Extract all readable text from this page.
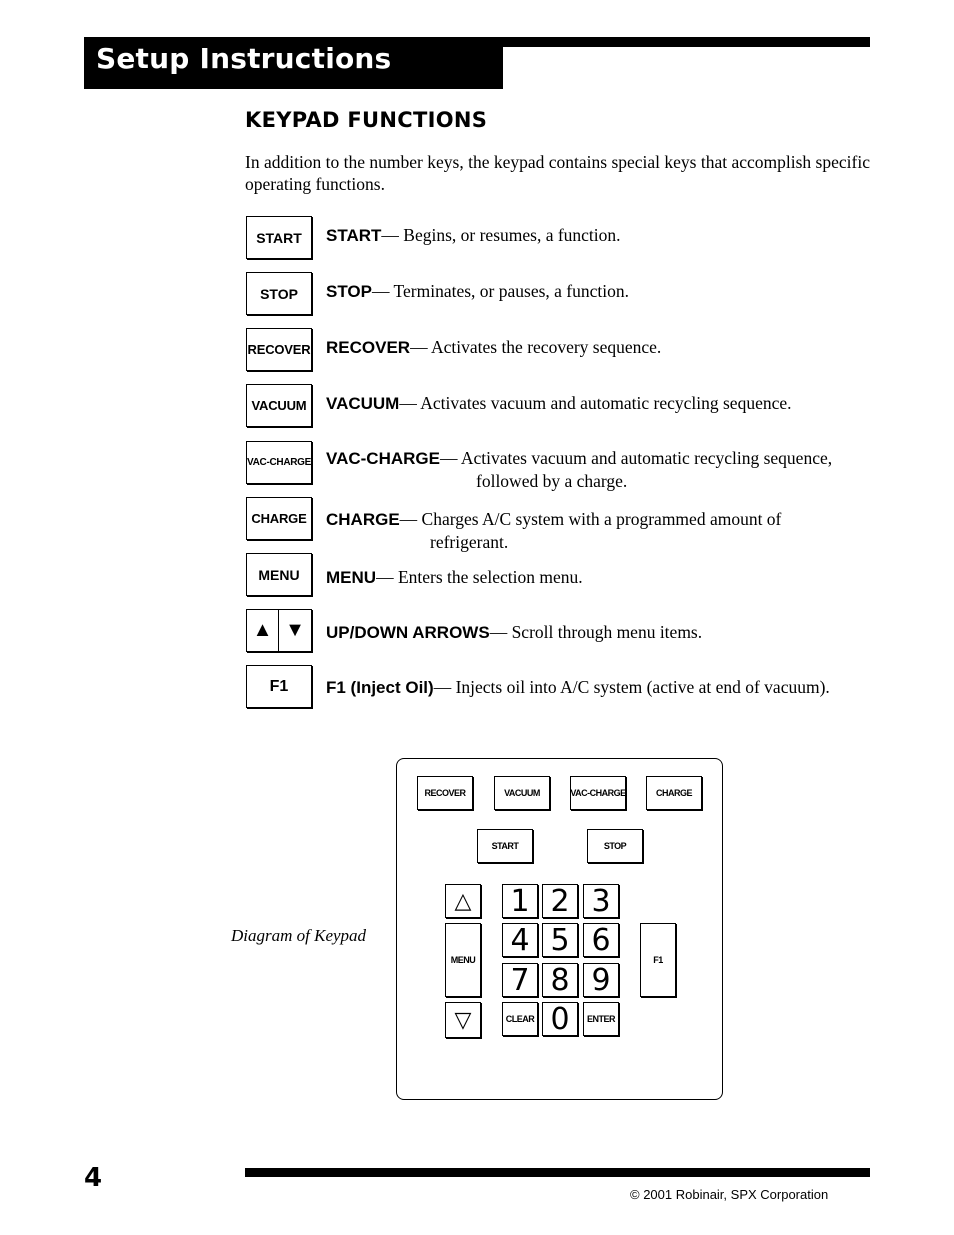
Setup Instructions
KEYPAD FUNCTIONS
In addition to the number keys, the keypad contains special keys that accomplish specific operating functions.
START	START— Begins, or resumes, a function.
STOP	STOP— Terminates, or pauses, a function.
RECOVER RECOVER— Activates the recovery sequence.
VACUUM	VACUUM— Activates vacuum and automatic recycling sequence.
VAC-CHARGE VAC-CHARGE— Activates vacuum and automatic recycling sequence,
followed by a charge.
CHARGE	CHARGE— Charges A/C system with a programmed amount of
refrigerant.
MENU	MENU— Enters the selection menu.
▲ ▼	UP/DOWN ARROWS— Scroll through menu items.
F1	F1 (Inject Oil)— Injects oil into A/C system (active at end of vacuum).
Diagram of Keypad
RECOVER	VACUUM	VAC-CHARGE	CHARGE
START	STOP
△
MENU
▽
1 2 3
4 5 6
7 8 9
CLEAR 0	ENTER
F1
4
© 2001 Robinair, SPX Corporation
